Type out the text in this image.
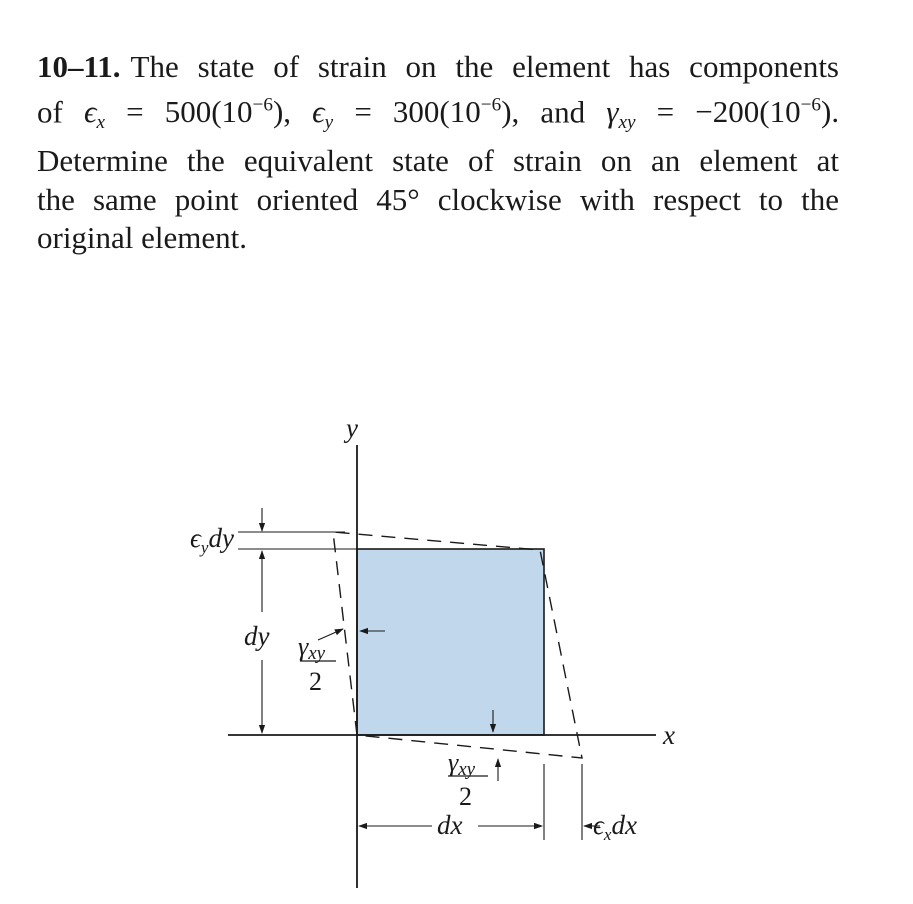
10–11. The state of strain on the element has components
of $\epsilon_x = 500(10^{-6})$, $\epsilon_y = 300(10^{-6})$, and $\gamma_{xy} = -200(10^{-6})$.
Determine the equivalent state of strain on an element at
the same point oriented 45° clockwise with respect to the
original element.
y
x
$\epsilon_ydy$
dy γxy
2
γxy
2
dx	$\epsilon_xdx$
